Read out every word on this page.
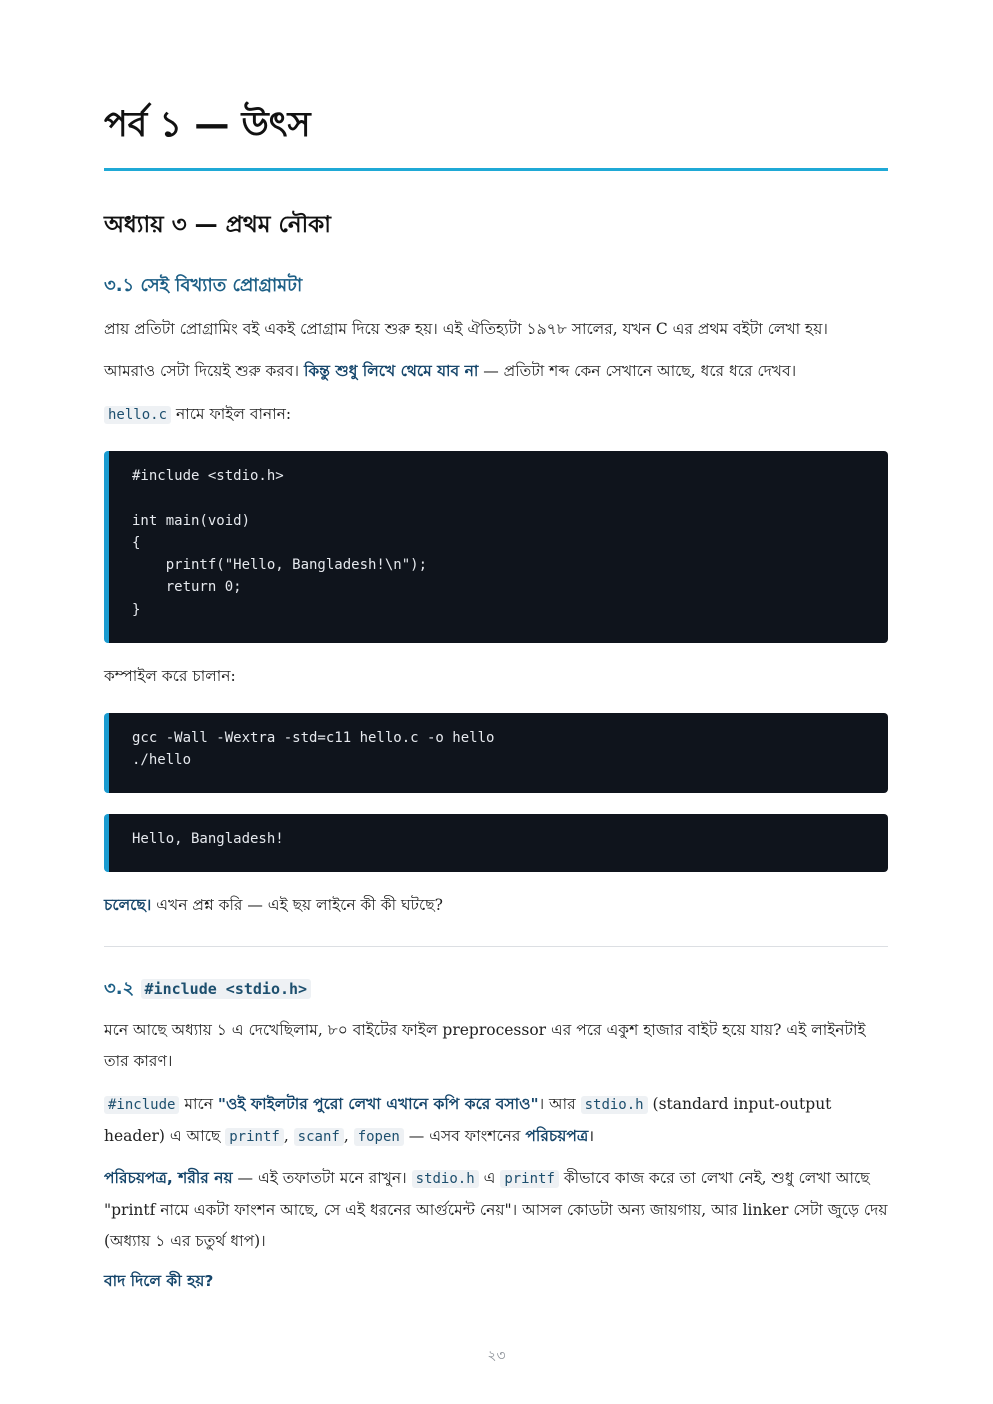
পর্ব ১ — উৎস
অধ্যায় ৩ — প্রথম নৌকা
৩.১ সেই বিখ্যাত প্রোগ্রামটা

প্রায় প্রতিটা প্রোগ্রামিং বই একই প্রোগ্রাম দিয়ে শুরু হয়। এই ঐতিহ্যটা ১৯৭৮ সালের, যখন C এর প্রথম বইটা লেখা হয়।

আমরাও সেটা দিয়েই শুরু করব। কিন্তু শুধু লিখে থেমে যাব না — প্রতিটা শব্দ কেন সেখানে আছে, ধরে ধরে দেখব।

hello.c নামে ফাইল বানান:

#include <stdio.h>
int main(void)
{
printf("Hello, Bangladesh!\n");
return 0;
}

কম্পাইল করে চালান:

gcc -Wall -Wextra -std=c11 hello.c -o hello
./hello
Hello, Bangladesh!

চলেছে। এখন প্রশ্ন করি — এই ছয় লাইনে কী কী ঘটছে?

৩.২ #include <stdio.h>

মনে আছে অধ্যায় ১ এ দেখেছিলাম, ৮০ বাইটের ফাইল preprocessor এর পরে একুশ হাজার বাইট হয়ে যায়? এই লাইনটাই তার কারণ।

#include মানে "ওই ফাইলটার পুরো লেখা এখানে কপি করে বসাও"। আর stdio.h (standard input-output header) এ আছে printf , scanf , fopen — এসব ফাংশনের পরিচয়পত্র।

পরিচয়পত্র, শরীর নয় — এই তফাতটা মনে রাখুন। stdio.h এ printf কীভাবে কাজ করে তা লেখা নেই, শুধু লেখা আছে "printf নামে একটা ফাংশন আছে, সে এই ধরনের আর্গুমেন্ট নেয়"। আসল কোডটা অন্য জায়গায়, আর linker সেটা জুড়ে দেয় (অধ্যায় ১ এর চতুর্থ ধাপ)।

বাদ দিলে কী হয়?

২৩
